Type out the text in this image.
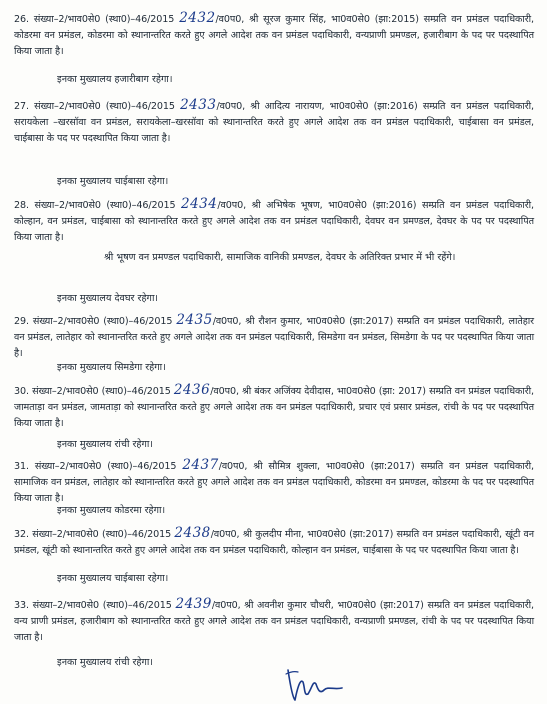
26. संख्या–2/भाव0से0 (स्था0)–46/2015 2432/व0प0, श्री सूरज कुमार सिंह, भा0व0से0 (झा:2015) सम्प्रति वन प्रमंडल पदाधिकारी, कोडरमा वन प्रमंडल, कोडरमा को स्थानान्तरित करते हुए अगले आदेश तक वन प्रमंडल पदाधिकारी, वन्यप्राणी प्रमण्डल, हजारीबाग के पद पर पदस्थापित किया जाता है।

इनका मुख्यालय हजारीबाग रहेगा।

27. संख्या–2/भाव0से0 (स्था0)–46/2015 2433/व0प0, श्री आदित्य नारायण, भा0व0से0 (झा:2016) सम्प्रति वन प्रमंडल पदाधिकारी, सरायकेला –खरसॉवा वन प्रमंडल, सरायकेला–खरसॉवा को स्थानान्तरित करते हुए अगले आदेश तक वन प्रमंडल पदाधिकारी, चाईबासा वन प्रमंडल, चाईबासा के पद पर पदस्थापित किया जाता है।

इनका मुख्यालय चाईबासा रहेगा।

28. संख्या–2/भाव0से0 (स्था0)–46/2015 2434/व0प0, श्री अभिषेक भूषण, भा0व0से0 (झा:2016) सम्प्रति वन प्रमंडल पदाधिकारी, कोल्हान, वन प्रमंडल, चाईबासा को स्थानान्तरित करते हुए अगले आदेश तक वन प्रमंडल पदाधिकारी, देवघर वन प्रमण्डल, देवघर के पद पर पदस्थापित किया जाता है।

श्री भूषण वन प्रमण्डल पदाधिकारी, सामाजिक वानिकी प्रमण्डल, देवघर के अतिरिक्त प्रभार में भी रहेंगे।

इनका मुख्यालय देवघर रहेगा।

29. संख्या–2/भाव0से0 (स्था0)–46/2015 2435/व0प0, श्री रौशन कुमार, भा0व0से0 (झा:2017) सम्प्रति वन प्रमंडल पदाधिकारी, लातेहार वन प्रमंडल, लातेहार को स्थानान्तरित करते हुए अगले आदेश तक वन प्रमंडल पदाधिकारी, सिमडेगा वन प्रमंडल, सिमडेगा के पद पर पदस्थापित किया जाता है।

इनका मुख्यालय सिमडेगा रहेगा।

30. संख्या–2/भाव0से0 (स्था0)–46/2015 2436/व0प0, श्री बंकर अजिंक्य देवीदास, भा0व0से0 (झा: 2017) सम्प्रति वन प्रमंडल पदाधिकारी, जामताड़ा वन प्रमंडल, जामताड़ा को स्थानान्तरित करते हुए अगले आदेश तक वन प्रमंडल पदाधिकारी, प्रचार एवं प्रसार प्रमंडल, रांची के पद पर पदस्थापित किया जाता है।

इनका मुख्यालय रांची रहेगा।

31. संख्या–2/भाव0से0 (स्था0)–46/2015 2437/व0प0, श्री सौमित्र शुक्ला, भा0व0से0 (झा:2017) सम्प्रति वन प्रमंडल पदाधिकारी, सामाजिक वन प्रमंडल, लातेहार को स्थानान्तरित करते हुए अगले आदेश तक वन प्रमंडल पदाधिकारी, कोडरमा वन प्रमण्डल, कोडरमा के पद पर पदस्थापित किया जाता है।

इनका मुख्यालय कोडरमा रहेगा।

32. संख्या–2/भाव0से0 (स्था0)–46/2015 2438/व0प0, श्री कुलदीप मीना, भा0व0से0 (झा:2017) सम्प्रति वन प्रमंडल पदाधिकारी, खूंटी वन प्रमंडल, खूंटी को स्थानान्तरित करते हुए अगले आदेश तक वन प्रमंडल पदाधिकारी, कोल्हान वन प्रमंडल, चाईबासा के पद पर पदस्थापित किया जाता है।

इनका मुख्यालय चाईबासा रहेगा।

33. संख्या–2/भाव0से0 (स्था0)–46/2015 2439/व0प0, श्री अवनीश कुमार चौधरी, भा0व0से0 (झा:2017) सम्प्रति वन प्रमंडल पदाधिकारी, वन्य प्राणी प्रमंडल, हजारीबाग को स्थानान्तरित करते हुए अगले आदेश तक वन प्रमंडल पदाधिकारी, वन्यप्राणी प्रमण्डल, रांची के पद पर पदस्थापित किया जाता है।

इनका मुख्यालय रांची रहेगा।
